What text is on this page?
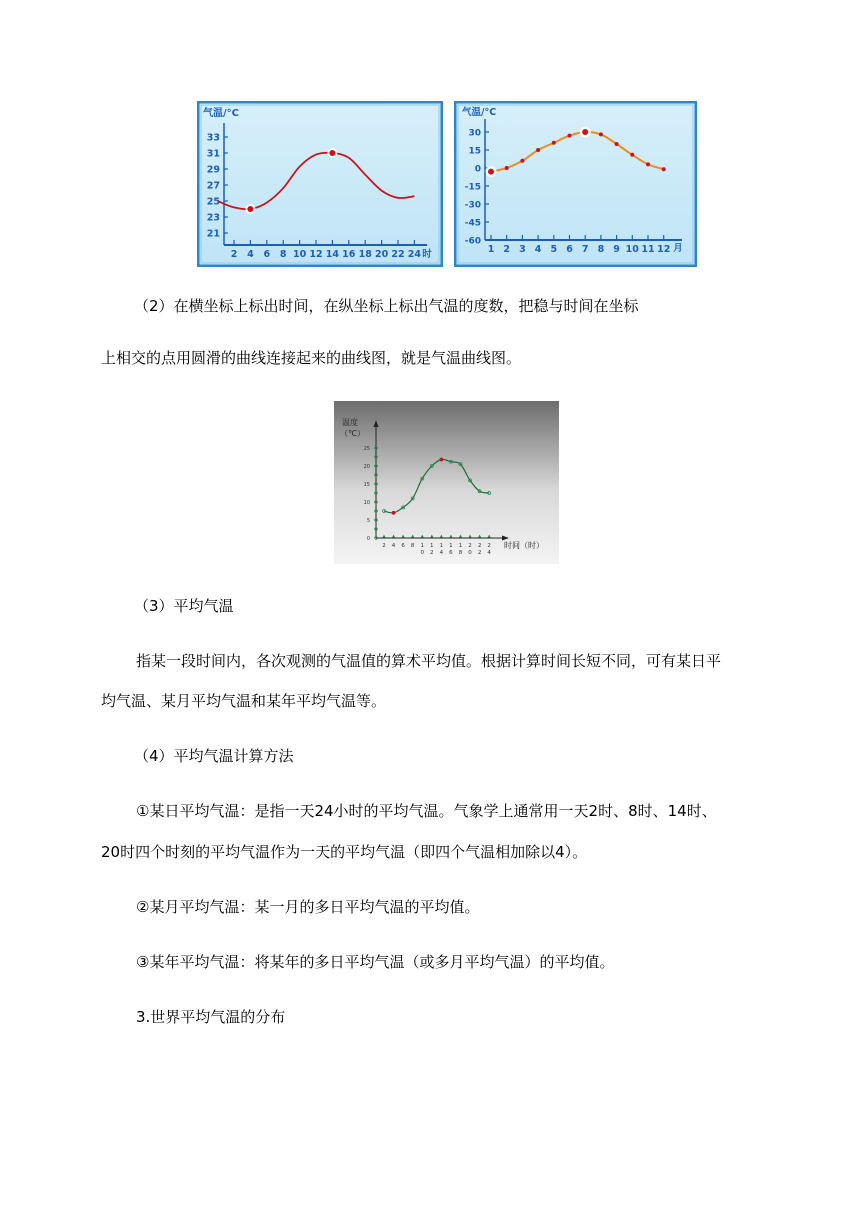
气温/°C
33
31
29
27
25
23
21
2 4 6 8 10 12 14 16 18 20 22 24 时
气温/°C
30
15
0
-15
-30
-45
-60
1 2 3 4 5 6 7 8 9 10 11 12 月

（2）在横坐标上标出时间，在纵坐标上标出气温的度数，把稳与时间在坐标

上相交的点用圆滑的曲线连接起来的曲线图，就是气温曲线图。

温度
（℃）
25
20
15
10
5
0
2 4 6 8 1
0
1
2
1
4
1
6
1
8
2
0
2
2
2
4
时间（时）

（3）平均气温

指某一段时间内，各次观测的气温值的算术平均值。根据计算时间长短不同，可有某日平

均气温、某月平均气温和某年平均气温等。

（4）平均气温计算方法

①某日平均气温：是指一天24小时的平均气温。气象学上通常用一天2时、8时、14时、

20时四个时刻的平均气温作为一天的平均气温（即四个气温相加除以4）。

②某月平均气温：某一月的多日平均气温的平均值。

③某年平均气温：将某年的多日平均气温（或多月平均气温）的平均值。

3.世界平均气温的分布
